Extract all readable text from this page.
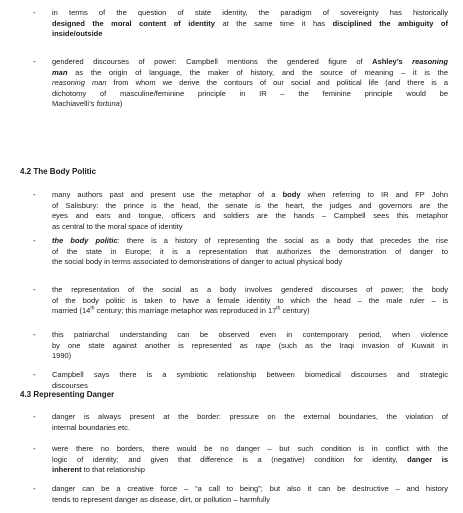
- in terms of the question of state identity, the paradigm of sovereignty has historically
designed the moral content of identity at the same time it has disciplined the ambiguity of
inside/outside
- gendered discourses of power: Campbell mentions the gendered figure of Ashley’s reasoning
man as the origin of language, the maker of history, and the source of meaning – it is the
reasoning man from whom we derive the contours of our social and political life (and there is a
dichotomy of masculine/feminine principle in IR – the feminine principle would be
Machiavelli’s fortuna)
4.2 The Body Politic
- many authors past and present use the metaphor of a body when referring to IR and FP John
of Salisbury: the prince is the head, the senate is the heart, the judges and governors are the
eyes and ears and tongue, officers and soldiers are the hands – Campbell sees this metaphor
as central to the moral space of identity
- the body politic: there is a history of representing the social as a body that precedes the rise
of the state in Europe; it is a representation that authorizes the demonstration of danger to
the social body in terms associated to demonstrations of danger to actual physical body
- the representation of the social as a body involves gendered discourses of power; the body
of the body politic is taken to have a female identity to which the head – the male ruler – is
married (14th century; this marriage metaphor was reproduced in 17th century)
- this patriarchal understanding can be observed even in contemporary period, when violence
by one state against another is represented as rape (such as the Iraqi invasion of Kuwait in
1990)
- Campbell says there is a symbiotic relationship between biomedical discourses and strategic
discourses
4.3 Representing Danger
- danger is always present at the border: pressure on the external boundaries, the violation of
internal boundaries etc.
- were there no borders, there would be no danger – but such condition is in conflict with the
logic of identity; and given that difference is a (negative) condition for identity, danger is
inherent to that relationship
- danger can be a creative force – “a call to being”; but also it can be destructive – and history
tends to represent danger as disease, dirt, or pollution – harmfully
